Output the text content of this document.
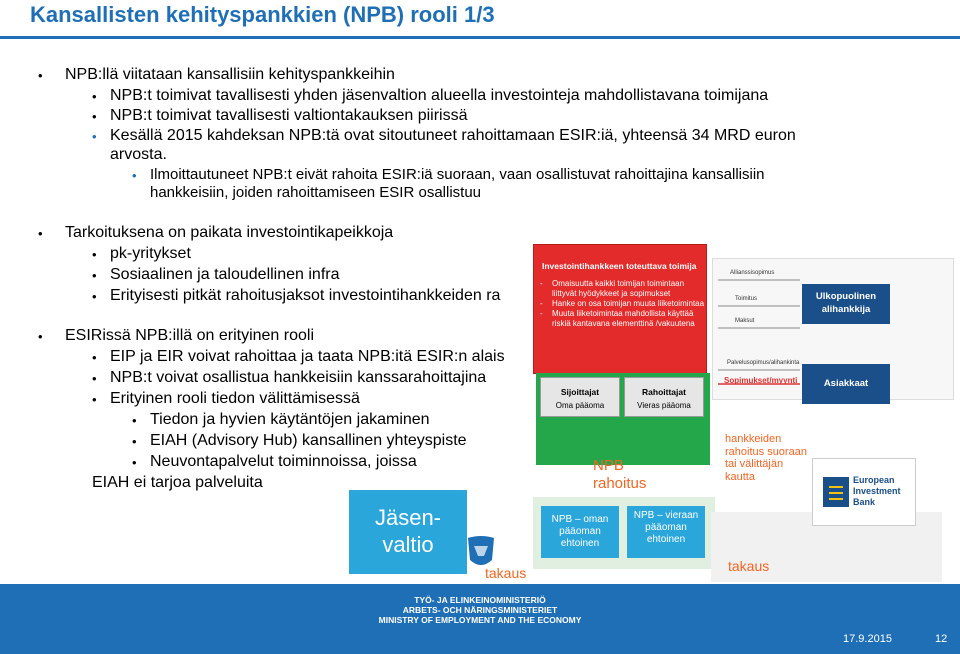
Kansallisten kehityspankkien (NPB) rooli 1/3
• NPB:llä viitataan kansallisiin kehityspankkeihin
• NPB:t toimivat tavallisesti yhden jäsenvaltion alueella investointeja mahdollistavana toimijana
• NPB:t toimivat tavallisesti valtiontakauksen piirissä
• Kesällä 2015 kahdeksan NPB:tä ovat sitoutuneet rahoittamaan ESIR:iä, yhteensä 34 MRD euron
arvosta.
• Ilmoittautuneet NPB:t eivät rahoita ESIR:iä suoraan, vaan osallistuvat rahoittajina kansallisiin
hankkeisiin, joiden rahoittamiseen ESIR osallistuu
• Tarkoituksena on paikata investointikapeikkoja
• pk-yritykset
• Sosiaalinen ja taloudellinen infra
• Erityisesti pitkät rahoitusjaksot investointihankkeiden ra
• ESIRissä NPB:illä on erityinen rooli
• EIP ja EIR voivat rahoittaa ja taata NPB:itä ESIR:n alais
• NPB:t voivat osallistua hankkeisiin kanssarahoittajina
• Erityinen rooli tiedon välittämisessä
• Tiedon ja hyvien käytäntöjen jakaminen
• EIAH (Advisory Hub) kansallinen yhteyspiste
• Neuvontapalvelut toiminnoissa, joissa
EIAH ei tarjoa palveluita
Allianssisopimus
Toimitus
Maksut
Palvelusopimus/alihankinta
Ulkopuolinen alihankkija
Asiakkaat
Sopimukset/myynti
Investointihankkeen toteuttava toimija
- Omaisuutta kaikki toimijan toimintaan liittyvät hyödykkeet ja sopimukset
- Hanke on osa toimijan muuta liiketoimintaa
- Muuta liiketoimintaa mahdollista käyttää riskiä kantavana elementtinä /vakuutena
Sijoittajat
Oma pääoma
Rahoittajat
Vieras pääoma
NPB rahoitus
hankkeiden rahoitus suoraan tai välittäjän kautta
NPB – oman pääoman ehtoinen
NPB – vieraan pääoman ehtoinen
Jäsen- valtio
takaus
European Investment Bank
takaus
TYÖ- JA ELINKEINOMINISTERIÖ
ARBETS- OCH NÄRINGSMINISTERIET
MINISTRY OF EMPLOYMENT AND THE ECONOMY
17.9.2015	12
